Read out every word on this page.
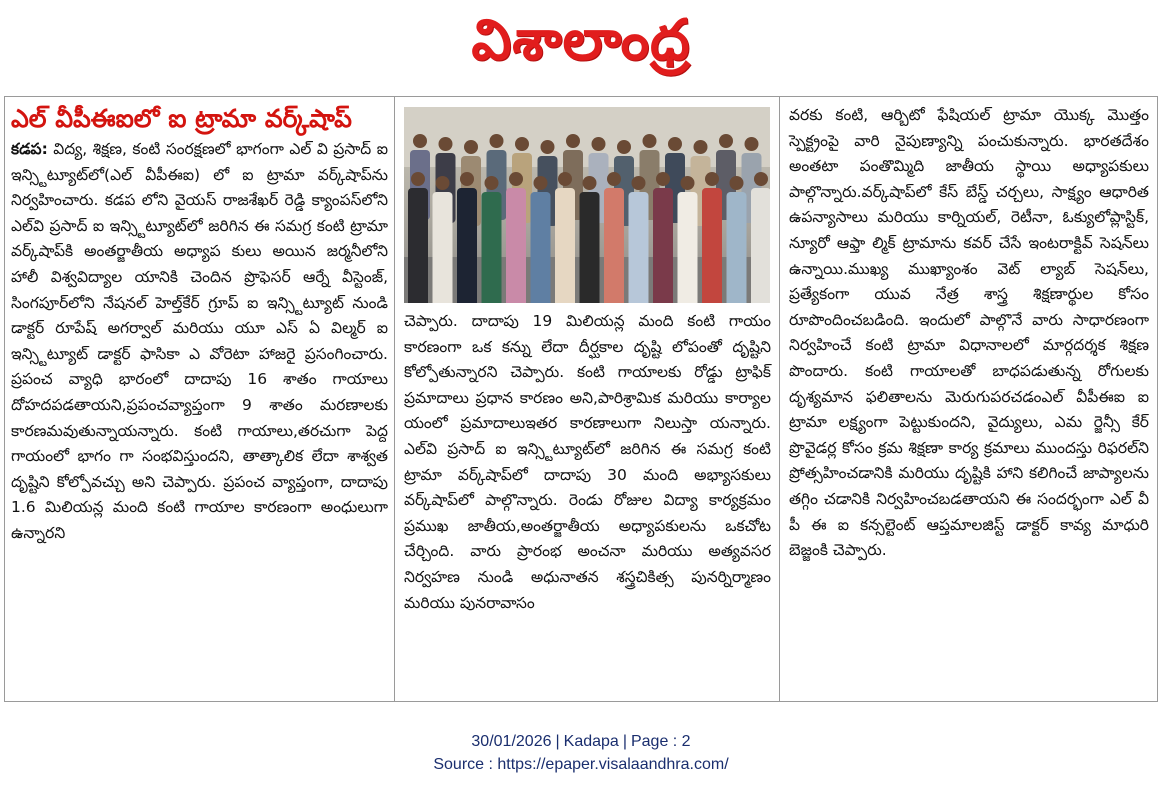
విశాలాంధ్ర
ఎల్ వీపీఈఐలో ఐ ట్రామా వర్క్‌షాప్

కడప: విద్య, శిక్షణ, కంటి సంరక్షణలో భాగంగా ఎల్ వి ప్రసాద్ ఐ ఇన్స్టిట్యూట్‌లో(ఎల్ వీపీఈఐ) లో ఐ ట్రామా వర్క్‌షాప్‌ను నిర్వహించారు. కడప లోని వైయస్ రాజశేఖర్ రెడ్డి క్యాంపస్‌లోని ఎల్‌వి ప్రసాద్ ఐ ఇన్స్టిట్యూట్‌లో జరిగిన ఈ సమగ్ర కంటి ట్రామా వర్క్‌షాప్‌కి అంతర్జాతీయ అధ్యాప కులు అయిన జర్మనీలోని హాలీ విశ్వవిద్యాల యానికి చెందిన ప్రొఫెసర్ ఆర్నే వీస్టెంజ్, సింగపూర్‌లోని నేషనల్ హెల్త్‌కేర్ గ్రూప్ ఐ ఇన్స్టిట్యూట్ నుండి డాక్టర్ రూపేష్ అగర్వాల్ మరియు యూ ఎస్ ఏ విల్మర్ ఐ ఇన్స్టిట్యూట్ డాక్టర్ ఫాసికా ఎ వోరెటా హాజరై ప్రసంగించారు. ప్రపంచ వ్యాధి భారంలో దాదాపు 16 శాతం గాయాలు దోహదపడతాయని,ప్రపంచవ్యాప్తంగా 9 శాతం మరణాలకు కారణమవుతున్నాయన్నారు. కంటి గాయాలు,తరచుగా పెద్ద గాయంలో భాగం గా సంభవిస్తుందని, తాత్కాలిక లేదా శాశ్వత దృష్టిని కోల్పోవచ్చు అని చెప్పారు. ప్రపంచ వ్యాప్తంగా, దాదాపు 1.6 మిలియన్ల మంది కంటి గాయాల కారణంగా అంధులుగా ఉన్నారని

చెప్పారు. దాదాపు 19 మిలియన్ల మంది కంటి గాయం కారణంగా ఒక కన్ను లేదా దీర్ఘకాల దృష్టి లోపంతో దృష్టిని కోల్పోతున్నారని చెప్పారు. కంటి గాయాలకు రోడ్డు ట్రాఫిక్ ప్రమాదాలు ప్రధాన కారణం అని,పారిశ్రామిక మరియు కార్యాల యంలో ప్రమాదాలుఇతర కారణాలుగా నిలుస్తా యన్నారు. ఎల్‌వి ప్రసాద్ ఐ ఇన్స్టిట్యూట్‌లో జరిగిన ఈ సమగ్ర కంటి ట్రామా వర్క్‌షాప్‌లో దాదాపు 30 మంది అభ్యాసకులు వర్క్‌షాప్‌లో పాల్గొన్నారు. రెండు రోజుల విద్యా కార్యక్రమం ప్రముఖ జాతీయ,అంతర్జాతీయ అధ్యాపకులను ఒకచోట చేర్చింది. వారు ప్రారంభ అంచనా మరియు అత్యవసర నిర్వహణ నుండి అధునాతన శస్త్రచికిత్స పునర్నిర్మాణం మరియు పునరావాసం

వరకు కంటి, ఆర్బిటో ఫేషియల్ ట్రామా యొక్క మొత్తం స్పెక్ట్రంపై వారి నైపుణ్యాన్ని పంచుకున్నారు. భారతదేశం అంతటా పంతొమ్మిది జాతీయ స్థాయి అధ్యాపకులు పాల్గొన్నారు.వర్క్‌షాప్‌లో కేస్ బేస్డ్ చర్చలు, సాక్ష్యం ఆధారిత ఉపన్యాసాలు మరియు కార్నియల్, రెటీనా, ఓక్యులోప్లాస్టిక్, న్యూరో ఆఫ్తా ల్మిక్ ట్రామాను కవర్ చేసే ఇంటరాక్టివ్ సెషన్‌లు ఉన్నాయి.ముఖ్య ముఖ్యాంశం వెట్ ల్యాబ్ సెషన్‌లు, ప్రత్యేకంగా యువ నేత్ర శాస్త్ర శిక్షణార్థుల కోసం రూపొందించబడింది. ఇందులో పాల్గొనే వారు సాధారణంగా నిర్వహించే కంటి ట్రామా విధానాలలో మార్గదర్శక శిక్షణ పొందారు. కంటి గాయాలతో బాధపడుతున్న రోగులకు దృశ్యమాన ఫలితాలను మెరుగుపరచడంఎల్ వీపీఈఐ ఐ ట్రామా లక్ష్యంగా పెట్టుకుందని, వైద్యులు, ఎమ ర్జెన్సీ కేర్ ప్రొవైడర్ల కోసం క్రమ శిక్షణా కార్య క్రమాలు ముందస్తు రిఫరల్‌ని ప్రోత్సహించడానికి మరియు దృష్టికి హాని కలిగించే జాప్యాలను తగ్గిం చడానికి నిర్వహించబడతాయని ఈ సందర్భంగా ఎల్ వీ పీ ఈ ఐ కన్సల్టెంట్ ఆప్తమాలజిస్ట్ డాక్టర్ కావ్య మాధురి బెజ్జంకి చెప్పారు.

30/01/2026 | Kadapa | Page : 2
Source : https://epaper.visalaandhra.com/
